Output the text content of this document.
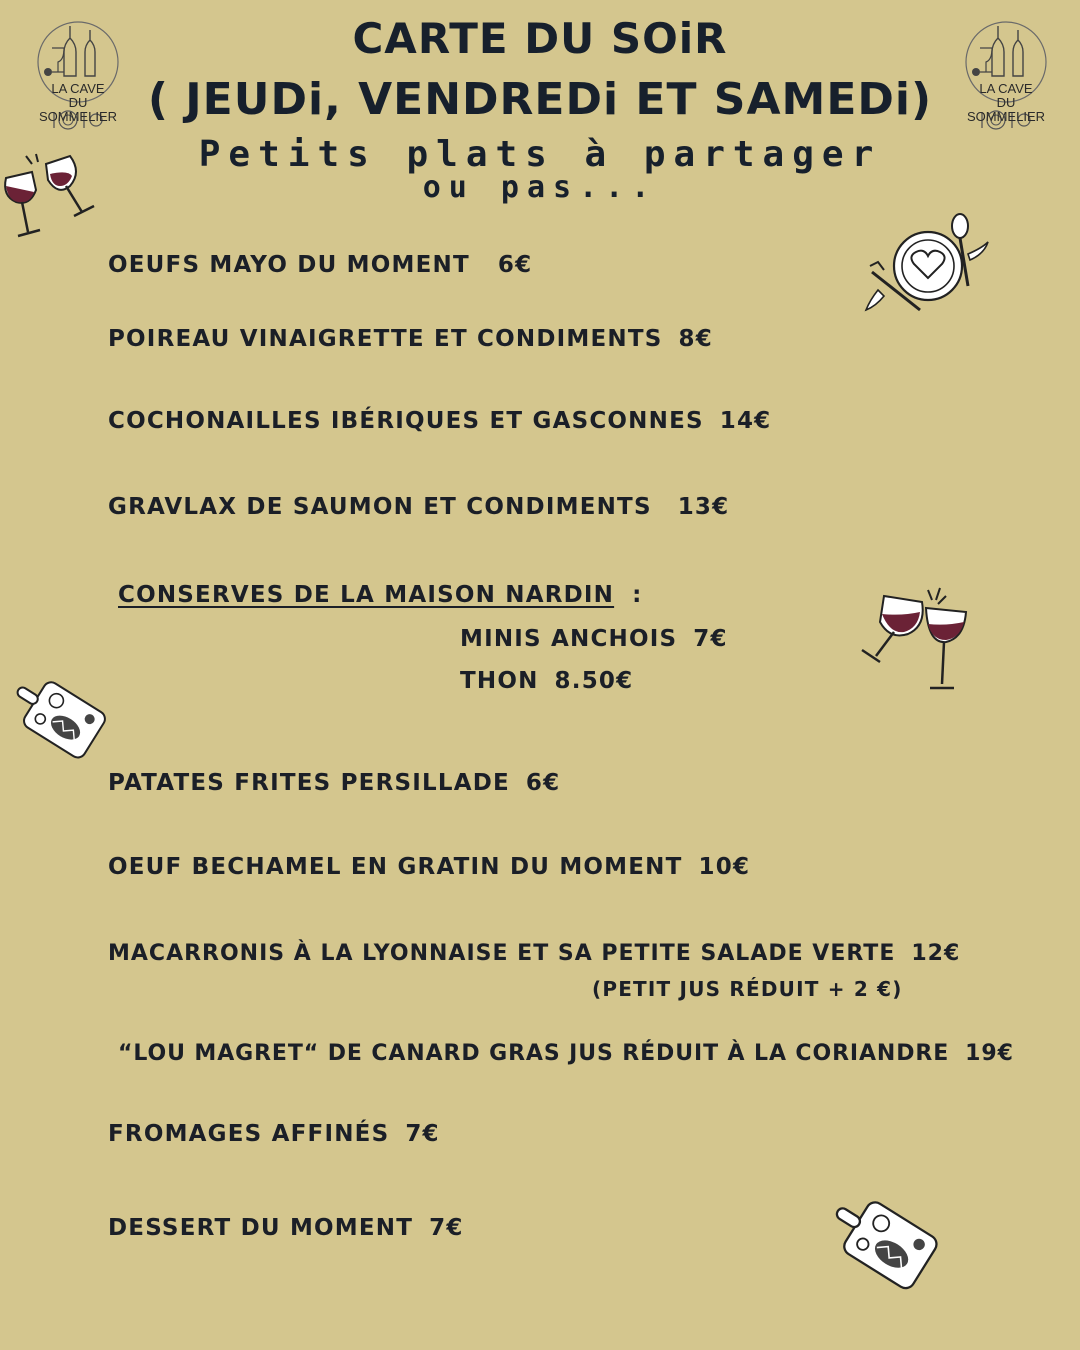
LA CAVE
DU SOMMELIER
LA CAVE
DU SOMMELIER
CARTE DU SOiR
( JEUDi, VENDREDi ET SAMEDi)
Petits plats à partager
ou pas...
OEUFS MAYO DU MOMENT 6€
POIREAU VINAIGRETTE ET CONDIMENTS 8€
COCHONAILLES IBÉRIQUES ET GASCONNES 14€
GRAVLAX DE SAUMON ET CONDIMENTS 13€
CONSERVES DE LA MAISON NARDIN :
MINIS ANCHOIS 7€
THON 8.50€
PATATES FRITES PERSILLADE 6€
OEUF BECHAMEL EN GRATIN DU MOMENT 10€
MACARRONIS À LA LYONNAISE ET SA PETITE SALADE VERTE 12€
(PETIT JUS RÉDUIT + 2 €)
“LOU MAGRET“ DE CANARD GRAS JUS RÉDUIT À LA CORIANDRE 19€
FROMAGES AFFINÉS 7€
DESSERT DU MOMENT 7€
